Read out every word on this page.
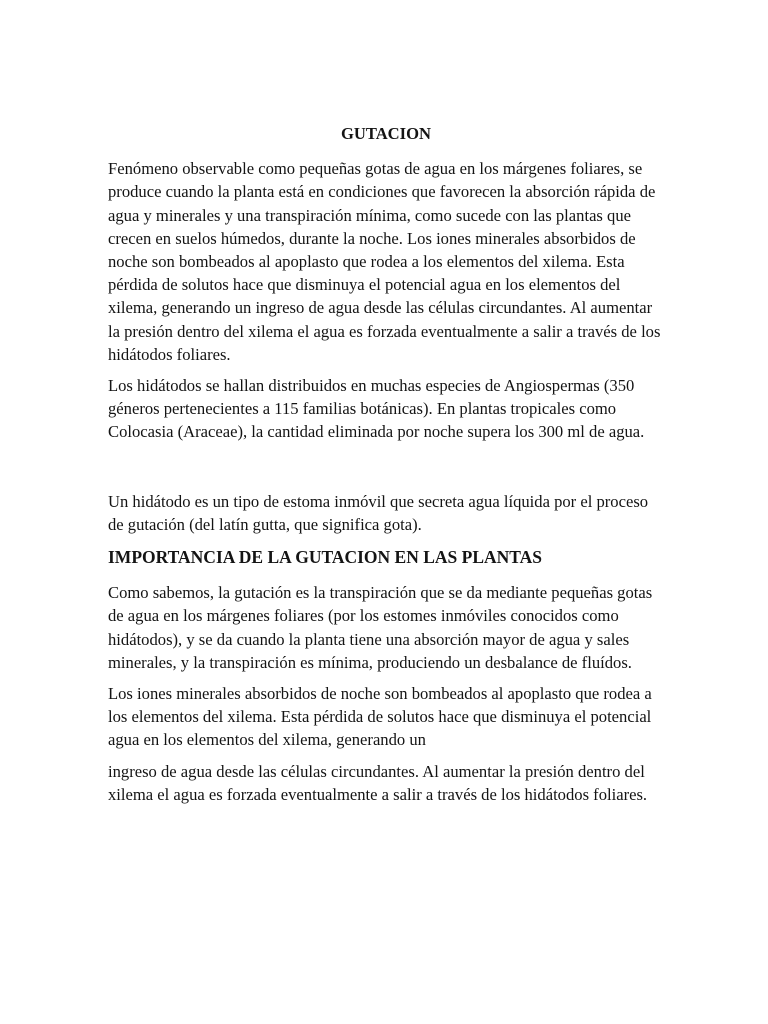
GUTACION

Fenómeno observable como pequeñas gotas de agua en los márgenes foliares, se produce cuando la planta está en condiciones que favorecen la absorción rápida de agua y minerales y una transpiración mínima, como sucede con las plantas que crecen en suelos húmedos, durante la noche. Los iones minerales absorbidos de noche son bombeados al apoplasto que rodea a los elementos del xilema. Esta pérdida de solutos hace que disminuya el potencial agua en los elementos del xilema, generando un ingreso de agua desde las células circundantes. Al aumentar la presión dentro del xilema el agua es forzada eventualmente a salir a través de los hidátodos foliares.

Los hidátodos se hallan distribuidos en muchas especies de Angiospermas (350 géneros pertenecientes a 115 familias botánicas). En plantas tropicales como Colocasia (Araceae), la cantidad eliminada por noche supera los 300 ml de agua.

Un hidátodo es un tipo de estoma inmóvil que secreta agua líquida por el proceso de gutación (del latín gutta, que significa gota).

IMPORTANCIA DE LA GUTACION EN LAS PLANTAS

Como sabemos, la gutación es la transpiración que se da mediante pequeñas gotas de agua en los márgenes foliares (por los estomes inmóviles conocidos como hidátodos), y se da cuando la planta tiene una absorción mayor de agua y sales minerales, y la transpiración es mínima, produciendo un desbalance de fluídos.

Los iones minerales absorbidos de noche son bombeados al apoplasto que rodea a los elementos del xilema. Esta pérdida de solutos hace que disminuya el potencial agua en los elementos del xilema, generando un

ingreso de agua desde las células circundantes. Al aumentar la presión dentro del xilema el agua es forzada eventualmente a salir a través de los hidátodos foliares.
